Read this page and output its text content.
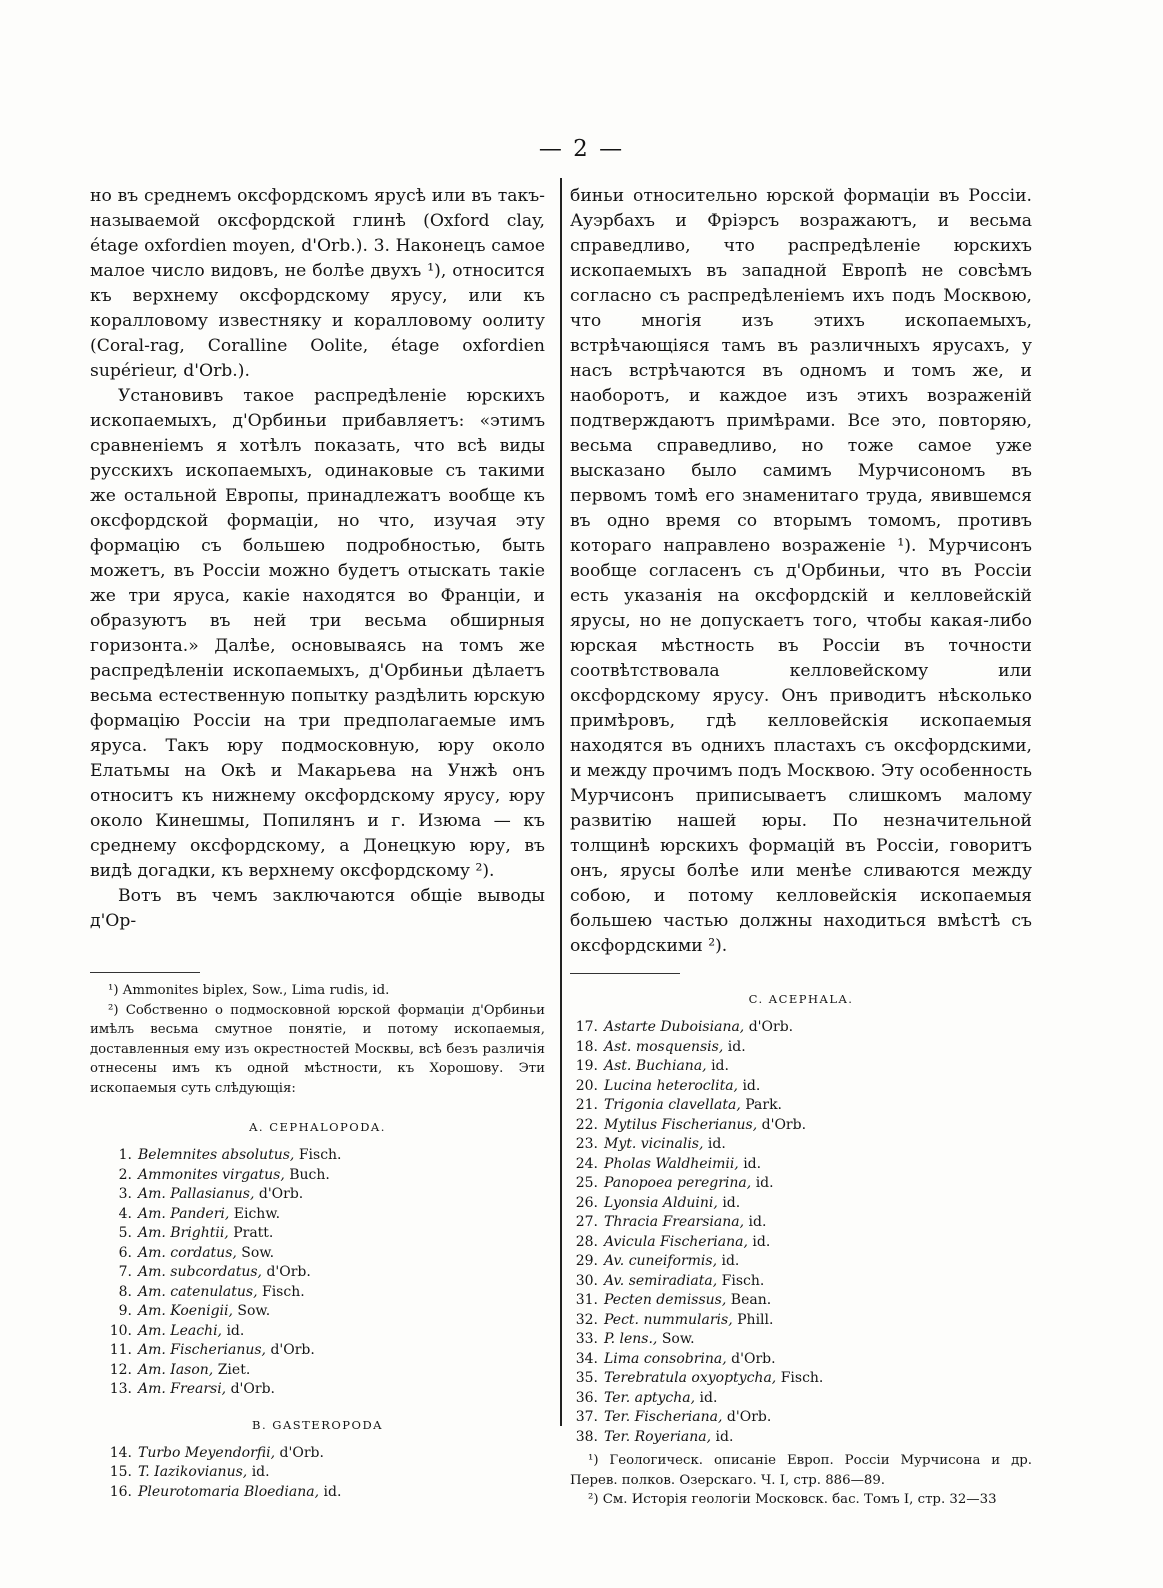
— 2 —

но въ среднемъ оксфордскомъ ярусѣ или въ такъ-называемой оксфордской глинѣ (Oxford clay, étage oxfordien moyen, d'Orb.). 3. Наконецъ самое малое число видовъ, не болѣе двухъ ¹), относится къ верхнему оксфордскому ярусу, или къ коралловому известняку и коралловому оолиту (Coral-rag, Coralline Oolite, étage oxfordien supérieur, d'Orb.).

Установивъ такое распредѣленіе юрскихъ ископаемыхъ, д'Орбиньи прибавляетъ: «этимъ сравненіемъ я хотѣлъ показать, что всѣ виды русскихъ ископаемыхъ, одинаковые съ такими же остальной Европы, принадлежатъ вообще къ оксфордской формаціи, но что, изучая эту формацію съ большею подробностью, быть можетъ, въ Россіи можно будетъ отыскать такіе же три яруса, какіе находятся во Франціи, и образуютъ въ ней три весьма обширныя горизонта.» Далѣе, основываясь на томъ же распредѣленіи ископаемыхъ, д'Орбиньи дѣлаетъ весьма естественную попытку раздѣлить юрскую формацію Россіи на три предполагаемые имъ яруса. Такъ юру подмосковную, юру около Елатьмы на Окѣ и Макарьева на Унжѣ онъ относитъ къ нижнему оксфордскому ярусу, юру около Кинешмы, Попилянъ и г. Изюма — къ среднему оксфордскому, а Донецкую юру, въ видѣ догадки, къ верхнему оксфордскому ²).

Вотъ въ чемъ заключаются общіе выводы д'Ор-

¹) Ammonites biplex, Sow., Lima rudis, id.

²) Собственно о подмосковной юрской формаціи д'Орбиньи имѣлъ весьма смутное понятіе, и потому ископаемыя, доставленныя ему изъ окрестностей Москвы, всѣ безъ различія отнесены имъ къ одной мѣстности, къ Хорошову. Эти ископаемыя суть слѣдующія:

A. CEPHALOPODA.
1. Belemnites absolutus, Fisch.
2. Ammonites virgatus, Buch.
3. Am. Pallasianus, d'Orb.
4. Am. Panderi, Eichw.
5. Am. Brightii, Pratt.
6. Am. cordatus, Sow.
7. Am. subcordatus, d'Orb.
8. Am. catenulatus, Fisch.
9. Am. Koenigii, Sow.
10. Am. Leachi, id.
11. Am. Fischerianus, d'Orb.
12. Am. Iason, Ziet.
13. Am. Frearsi, d'Orb.
B. GASTEROPODA
14. Turbo Meyendorfii, d'Orb.
15. T. Iazikovianus, id.
16. Pleurotomaria Bloediana, id.

биньи относительно юрской формаціи въ Россіи. Ауэрбахъ и Фріэрсъ возражаютъ, и весьма справедливо, что распредѣленіе юрскихъ ископаемыхъ въ западной Европѣ не совсѣмъ согласно съ распредѣленіемъ ихъ подъ Москвою, что многія изъ этихъ ископаемыхъ, встрѣчающіяся тамъ въ различныхъ ярусахъ, у насъ встрѣчаются въ одномъ и томъ же, и наоборотъ, и каждое изъ этихъ возраженій подтверждаютъ примѣрами. Все это, повторяю, весьма справедливо, но тоже самое уже высказано было самимъ Мурчисономъ въ первомъ томѣ его знаменитаго труда, явившемся въ одно время со вторымъ томомъ, противъ котораго направлено возраженіе ¹). Мурчисонъ вообще согласенъ съ д'Орбиньи, что въ Россіи есть указанія на оксфордскій и келловейскій ярусы, но не допускаетъ того, чтобы какая-либо юрская мѣстность въ Россіи въ точности соотвѣтствовала келловейскому или оксфордскому ярусу. Онъ приводитъ нѣсколько примѣровъ, гдѣ келловейскія ископаемыя находятся въ однихъ пластахъ съ оксфордскими, и между прочимъ подъ Москвою. Эту особенность Мурчисонъ приписываетъ слишкомъ малому развитію нашей юры. По незначительной толщинѣ юрскихъ формацій въ Россіи, говоритъ онъ, ярусы болѣе или менѣе сливаются между собою, и потому келловейскія ископаемыя большею частью должны находиться вмѣстѣ съ оксфордскими ²).

C. ACEPHALA.
17. Astarte Duboisiana, d'Orb.
18. Ast. mosquensis, id.
19. Ast. Buchiana, id.
20. Lucina heteroclita, id.
21. Trigonia clavellata, Park.
22. Mytilus Fischerianus, d'Orb.
23. Myt. vicinalis, id.
24. Pholas Waldheimii, id.
25. Panopoea peregrina, id.
26. Lyonsia Alduini, id.
27. Thracia Frearsiana, id.
28. Avicula Fischeriana, id.
29. Av. cuneiformis, id.
30. Av. semiradiata, Fisch.
31. Pecten demissus, Bean.
32. Pect. nummularis, Phill.
33. P. lens., Sow.
34. Lima consobrina, d'Orb.
35. Terebratula oxyoptycha, Fisch.
36. Ter. aptycha, id.
37. Ter. Fischeriana, d'Orb.
38. Ter. Royeriana, id.

¹) Геологическ. описаніе Европ. Россіи Мурчисона и др. Перев. полков. Озерскаго. Ч. I, стр. 886—89.

²) См. Исторія геологіи Московск. бас. Томъ I, стр. 32—33
